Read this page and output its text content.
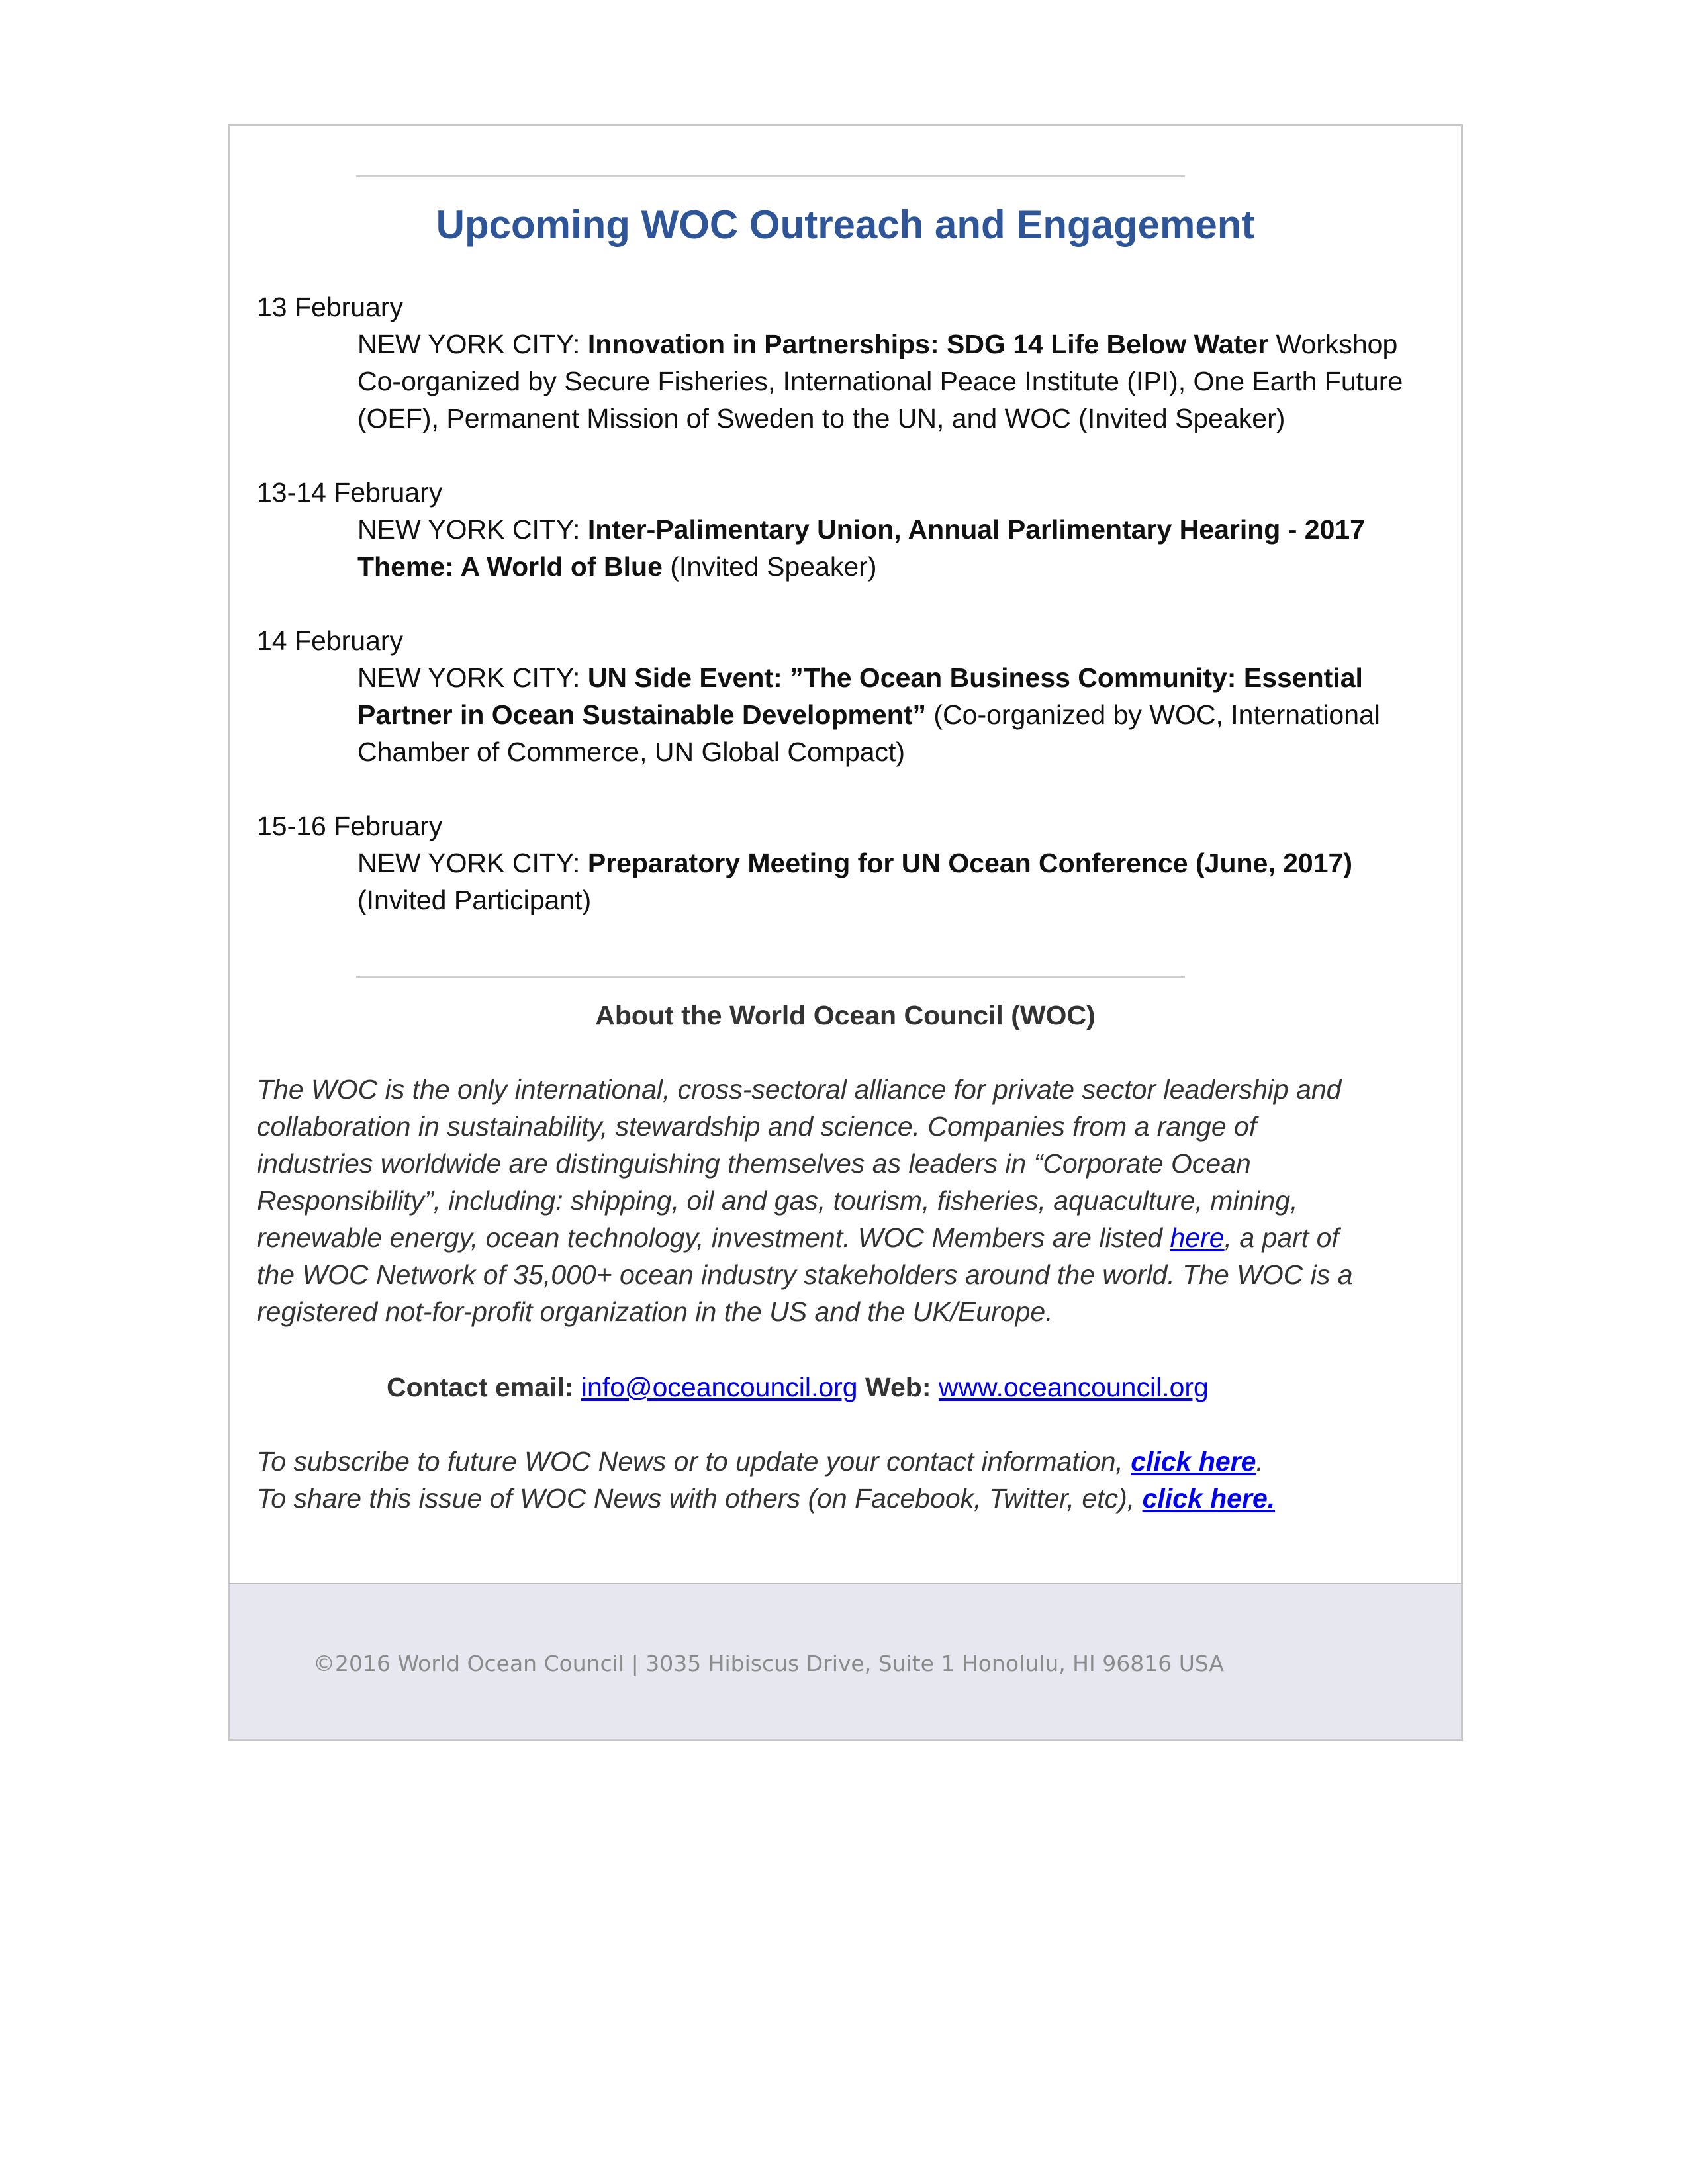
Upcoming WOC Outreach and Engagement
13 February
NEW YORK CITY: Innovation in Partnerships: SDG 14 Life Below Water Workshop Co-organized by Secure Fisheries, International Peace Institute (IPI), One Earth Future (OEF), Permanent Mission of Sweden to the UN, and WOC (Invited Speaker)
13-14 February
NEW YORK CITY: Inter-Palimentary Union, Annual Parlimentary Hearing - 2017 Theme: A World of Blue (Invited Speaker)
14 February
NEW YORK CITY: UN Side Event: ”The Ocean Business Community: Essential Partner in Ocean Sustainable Development” (Co-organized by WOC, International Chamber of Commerce, UN Global Compact)
15-16 February
NEW YORK CITY: Preparatory Meeting for UN Ocean Conference (June, 2017) (Invited Participant)
About the World Ocean Council (WOC)
The WOC is the only international, cross-sectoral alliance for private sector leadership and collaboration in sustainability, stewardship and science. Companies from a range of industries worldwide are distinguishing themselves as leaders in “Corporate Ocean Responsibility”, including: shipping, oil and gas, tourism, fisheries, aquaculture, mining, renewable energy, ocean technology, investment. WOC Members are listed here, a part of the WOC Network of 35,000+ ocean industry stakeholders around the world. The WOC is a registered not-for-profit organization in the US and the UK/Europe.
Contact email: info@oceancouncil.org Web: www.oceancouncil.org
To subscribe to future WOC News or to update your contact information, click here.
To share this issue of WOC News with others (on Facebook, Twitter, etc), click here.
©2016 World Ocean Council | 3035 Hibiscus Drive, Suite 1 Honolulu, HI 96816 USA
